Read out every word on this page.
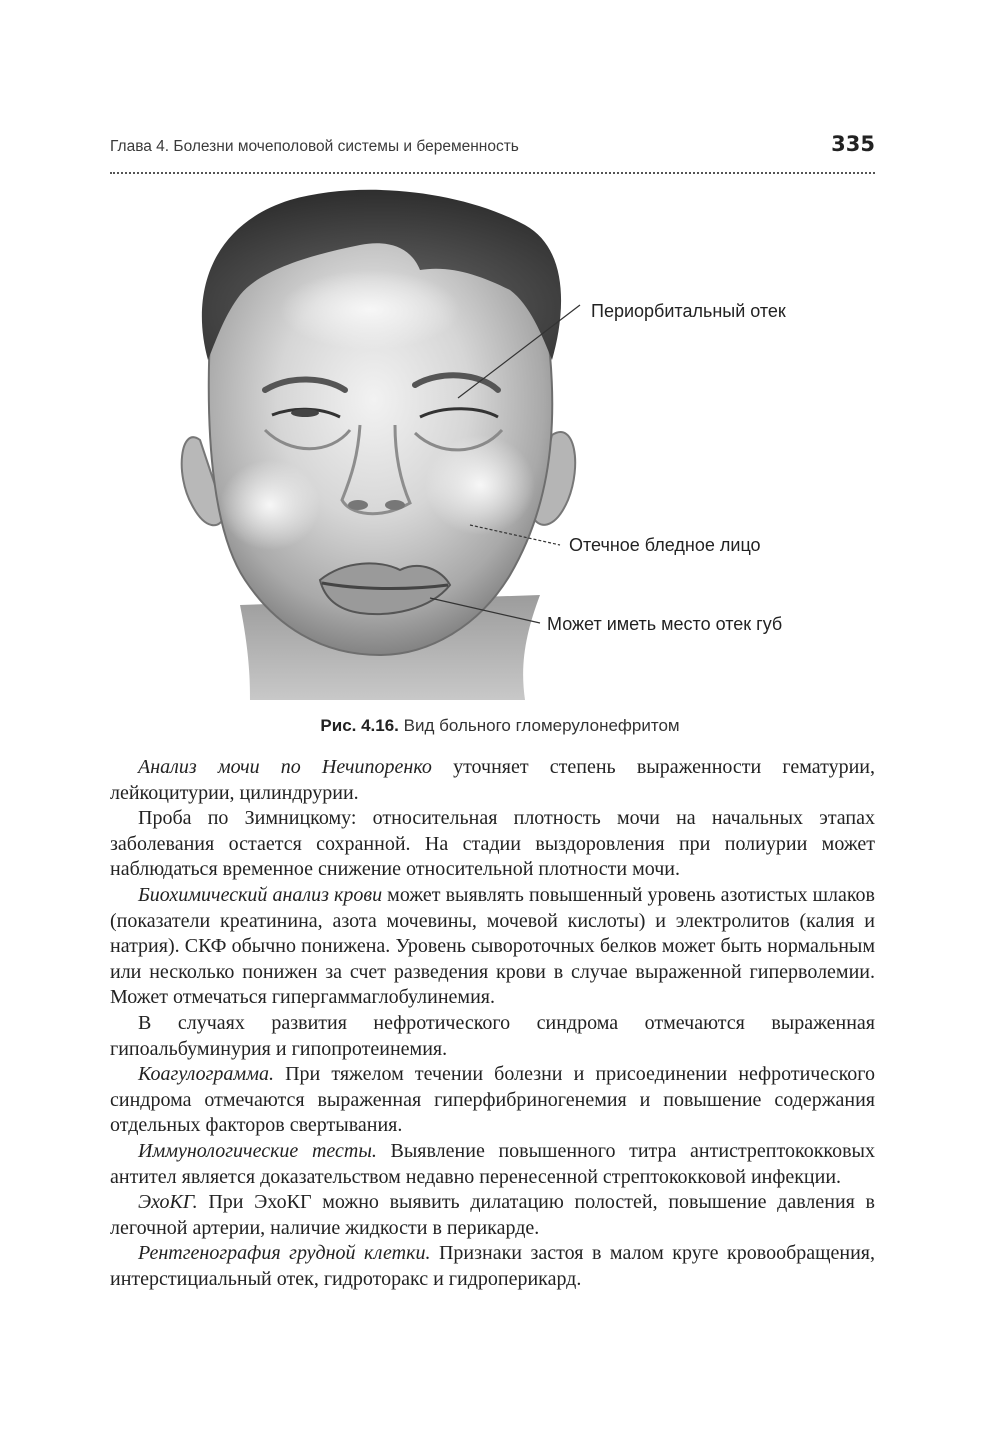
Глава 4. Болезни мочеполовой системы и беременность	335
Периорбитальный отек
Отечное бледное лицо
Может иметь место отек губ
Рис. 4.16. Вид больного гломерулонефритом

Анализ мочи по Нечипоренко уточняет степень выраженности гематурии, лейкоцитурии, цилиндрурии.

Проба по Зимницкому: относительная плотность мочи на начальных этапах заболевания остается сохранной. На стадии выздоровления при полиурии может наблюдаться временное снижение относительной плотности мочи.

Биохимический анализ крови может выявлять повышенный уровень азотистых шлаков (показатели креатинина, азота мочевины, мочевой кислоты) и электролитов (калия и натрия). СКФ обычно понижена. Уровень сывороточных белков может быть нормальным или несколько понижен за счет разведения крови в случае выраженной гиперволемии. Может отмечаться гипергаммаглобулинемия.

В случаях развития нефротического синдрома отмечаются выраженная гипоальбуминурия и гипопротеинемия.

Коагулограмма. При тяжелом течении болезни и присоединении нефротического синдрома отмечаются выраженная гиперфибриногенемия и повышение содержания отдельных факторов свертывания.

Иммунологические тесты. Выявление повышенного титра антистрептококковых антител является доказательством недавно перенесенной стрептококковой инфекции.

ЭхоКГ. При ЭхоКГ можно выявить дилатацию полостей, повышение давления в легочной артерии, наличие жидкости в перикарде.

Рентгенография грудной клетки. Признаки застоя в малом круге кровообращения, интерстициальный отек, гидроторакс и гидроперикард.
